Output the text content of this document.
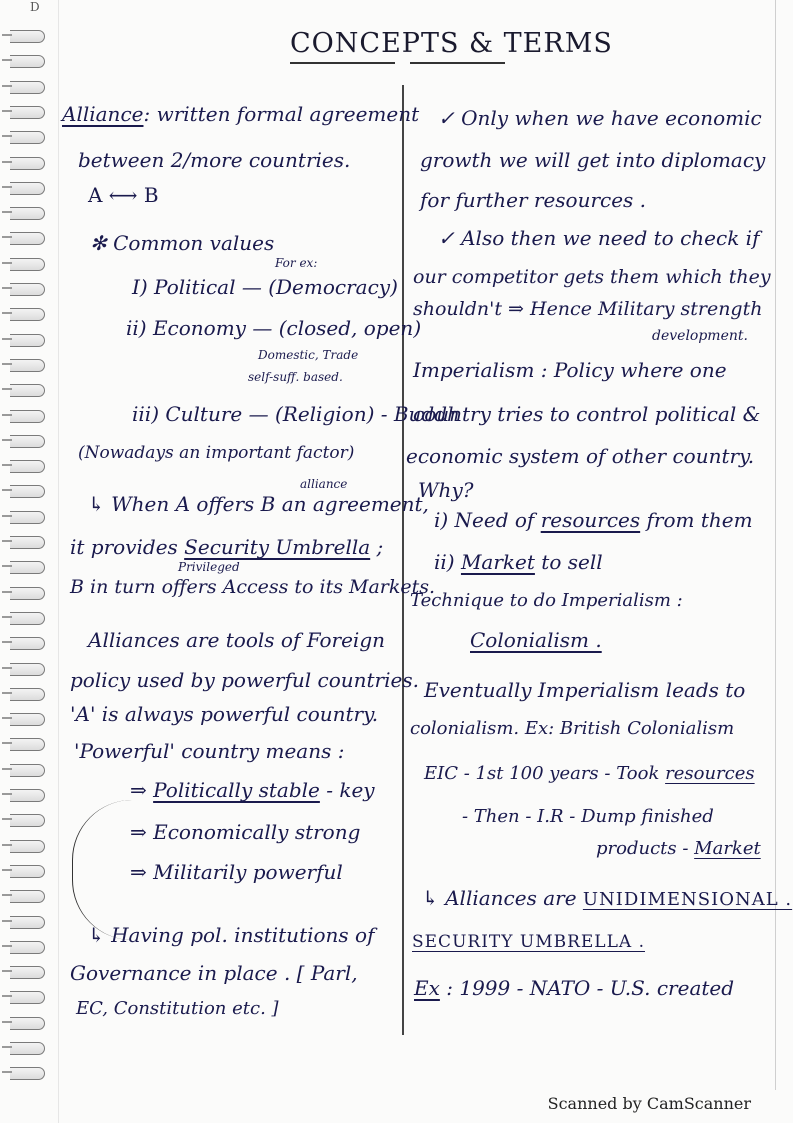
D
CONCEPTS & TERMS
Alliance: written formal agreement
between 2/more countries.
A ⟷ B
✻ Common values
For ex:
I) Political — (Democracy)
ii) Economy — (closed, open)
Domestic, Trade
self-suff. based.
iii) Culture — (Religion) - Buddh
(Nowadays an important factor)
alliance
↳ When A offers B an agreement,
it provides Security Umbrella ;
Privileged
B in turn offers Access to its Markets.
Alliances are tools of Foreign
policy used by powerful countries.
'A' is always powerful country.
'Powerful' country means :
⇒ Politically stable - key
⇒ Economically strong
⇒ Militarily powerful
↳ Having pol. institutions of
Governance in place . [ Parl,
EC, Constitution etc. ]
✓ Only when we have economic
growth we will get into diplomacy
for further resources .
✓ Also then we need to check if
our competitor gets them which they
shouldn't ⇒ Hence Military strength
development.
Imperialism : Policy where one
country tries to control political &
economic system of other country.
Why?
i) Need of resources from them
ii) Market to sell
Technique to do Imperialism :
Colonialism .
Eventually Imperialism leads to
colonialism. Ex: British Colonialism
EIC - 1st 100 years - Took resources
- Then - I.R - Dump finished
products - Market
↳ Alliances are UNIDIMENSIONAL .
SECURITY UMBRELLA .
Ex : 1999 - NATO - U.S. created
Scanned by CamScanner
